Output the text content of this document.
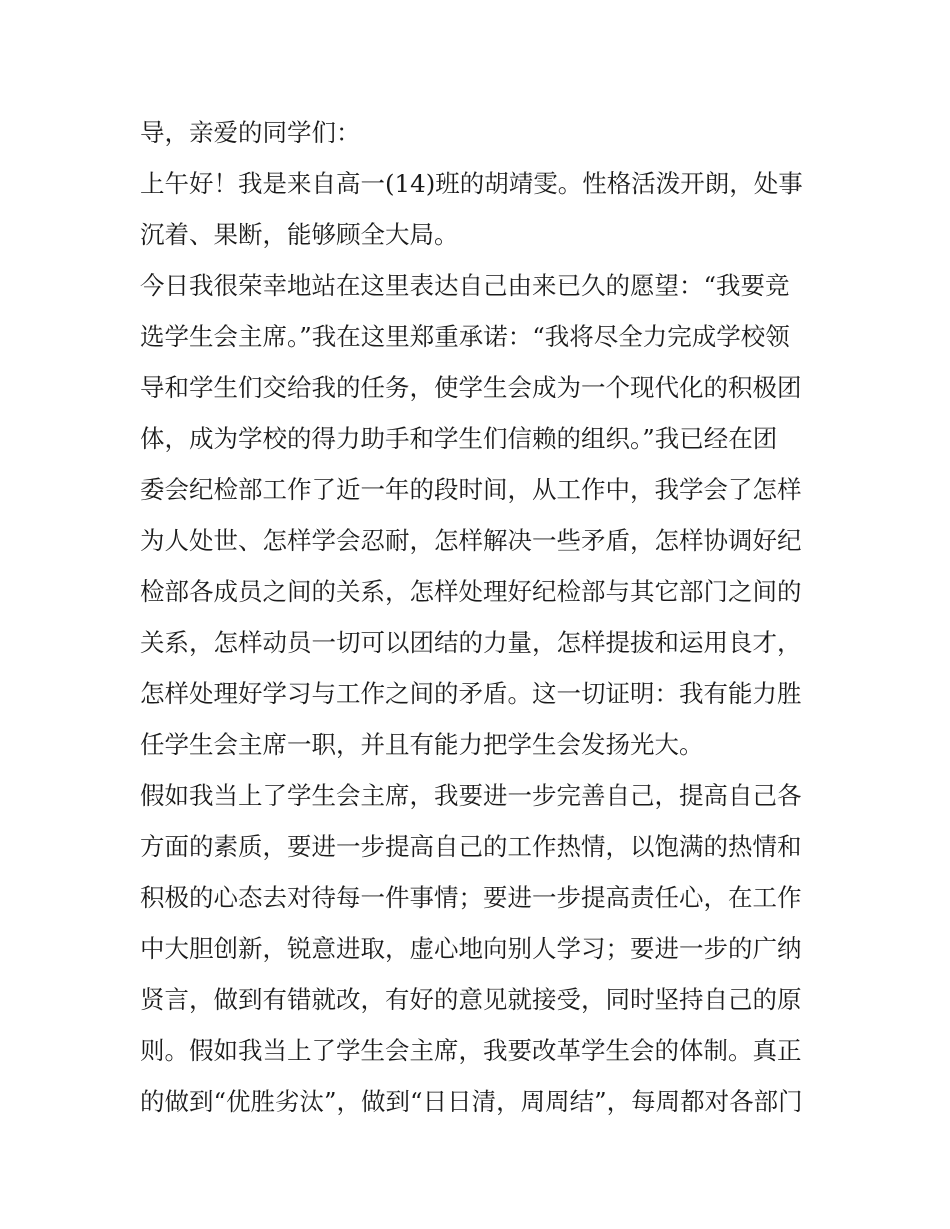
导，亲爱的同学们：
上午好！我是来自高一(14)班的胡靖雯。性格活泼开朗，处事
沉着、果断，能够顾全大局。
今日我很荣幸地站在这里表达自己由来已久的愿望：“我要竞
选学生会主席。”我在这里郑重承诺：“我将尽全力完成学校领
导和学生们交给我的任务，使学生会成为一个现代化的积极团
体，成为学校的得力助手和学生们信赖的组织。”我已经在团
委会纪检部工作了近一年的段时间，从工作中，我学会了怎样
为人处世、怎样学会忍耐，怎样解决一些矛盾，怎样协调好纪
检部各成员之间的关系，怎样处理好纪检部与其它部门之间的
关系，怎样动员一切可以团结的力量，怎样提拔和运用良才，
怎样处理好学习与工作之间的矛盾。这一切证明：我有能力胜
任学生会主席一职，并且有能力把学生会发扬光大。
假如我当上了学生会主席，我要进一步完善自己，提高自己各
方面的素质，要进一步提高自己的工作热情，以饱满的热情和
积极的心态去对待每一件事情；要进一步提高责任心，在工作
中大胆创新，锐意进取，虚心地向别人学习；要进一步的广纳
贤言，做到有错就改，有好的意见就接受，同时坚持自己的原
则。假如我当上了学生会主席，我要改革学生会的体制。真正
的做到“优胜劣汰”，做到“日日清，周周结”，每周都对各部门
